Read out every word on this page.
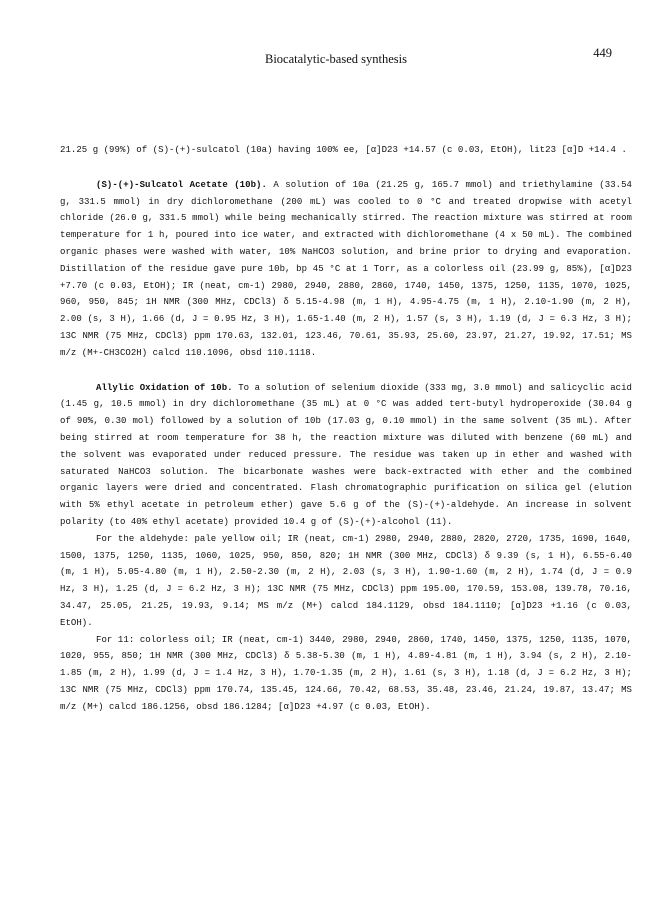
Biocatalytic-based synthesis	449

21.25 g (99%) of (S)-(+)-sulcatol (10a) having 100% ee, [α]D23 +14.57 (c 0.03, EtOH), lit23 [α]D +14.4 .

(S)-(+)-Sulcatol Acetate (10b). A solution of 10a (21.25 g, 165.7 mmol) and triethylamine (33.54 g, 331.5 mmol) in dry dichloromethane (200 mL) was cooled to 0 °C and treated dropwise with acetyl chloride (26.0 g, 331.5 mmol) while being mechanically stirred. The reaction mixture was stirred at room temperature for 1 h, poured into ice water, and extracted with dichloromethane (4 x 50 mL). The combined organic phases were washed with water, 10% NaHCO3 solution, and brine prior to drying and evaporation. Distillation of the residue gave pure 10b, bp 45 °C at 1 Torr, as a colorless oil (23.99 g, 85%), [α]D23 +7.70 (c 0.03, EtOH); IR (neat, cm-1) 2980, 2940, 2880, 2860, 1740, 1450, 1375, 1250, 1135, 1070, 1025, 960, 950, 845; 1H NMR (300 MHz, CDCl3) δ 5.15-4.98 (m, 1 H), 4.95-4.75 (m, 1 H), 2.10-1.90 (m, 2 H), 2.00 (s, 3 H), 1.66 (d, J = 0.95 Hz, 3 H), 1.65-1.40 (m, 2 H), 1.57 (s, 3 H), 1.19 (d, J = 6.3 Hz, 3 H); 13C NMR (75 MHz, CDCl3) ppm 170.63, 132.01, 123.46, 70.61, 35.93, 25.60, 23.97, 21.27, 19.92, 17.51; MS m/z (M+-CH3CO2H) calcd 110.1096, obsd 110.1118.

Allylic Oxidation of 10b. To a solution of selenium dioxide (333 mg, 3.0 mmol) and salicyclic acid (1.45 g, 10.5 mmol) in dry dichloromethane (35 mL) at 0 °C was added tert-butyl hydroperoxide (30.04 g of 90%, 0.30 mol) followed by a solution of 10b (17.03 g, 0.10 mmol) in the same solvent (35 mL). After being stirred at room temperature for 38 h, the reaction mixture was diluted with benzene (60 mL) and the solvent was evaporated under reduced pressure. The residue was taken up in ether and washed with saturated NaHCO3 solution. The bicarbonate washes were back-extracted with ether and the combined organic layers were dried and concentrated. Flash chromatographic purification on silica gel (elution with 5% ethyl acetate in petroleum ether) gave 5.6 g of the (S)-(+)-aldehyde. An increase in solvent polarity (to 40% ethyl acetate) provided 10.4 g of (S)-(+)-alcohol (11).

For the aldehyde: pale yellow oil; IR (neat, cm-1) 2980, 2940, 2880, 2820, 2720, 1735, 1690, 1640, 1500, 1375, 1250, 1135, 1060, 1025, 950, 850, 820; 1H NMR (300 MHz, CDCl3) δ 9.39 (s, 1 H), 6.55-6.40 (m, 1 H), 5.05-4.80 (m, 1 H), 2.50-2.30 (m, 2 H), 2.03 (s, 3 H), 1.90-1.60 (m, 2 H), 1.74 (d, J = 0.9 Hz, 3 H), 1.25 (d, J = 6.2 Hz, 3 H); 13C NMR (75 MHz, CDCl3) ppm 195.00, 170.59, 153.08, 139.78, 70.16, 34.47, 25.05, 21.25, 19.93, 9.14; MS m/z (M+) calcd 184.1129, obsd 184.1110; [α]D23 +1.16 (c 0.03, EtOH).

For 11: colorless oil; IR (neat, cm-1) 3440, 2980, 2940, 2860, 1740, 1450, 1375, 1250, 1135, 1070, 1020, 955, 850; 1H NMR (300 MHz, CDCl3) δ 5.38-5.30 (m, 1 H), 4.89-4.81 (m, 1 H), 3.94 (s, 2 H), 2.10-1.85 (m, 2 H), 1.99 (d, J = 1.4 Hz, 3 H), 1.70-1.35 (m, 2 H), 1.61 (s, 3 H), 1.18 (d, J = 6.2 Hz, 3 H); 13C NMR (75 MHz, CDCl3) ppm 170.74, 135.45, 124.66, 70.42, 68.53, 35.48, 23.46, 21.24, 19.87, 13.47; MS m/z (M+) calcd 186.1256, obsd 186.1284; [α]D23 +4.97 (c 0.03, EtOH).
